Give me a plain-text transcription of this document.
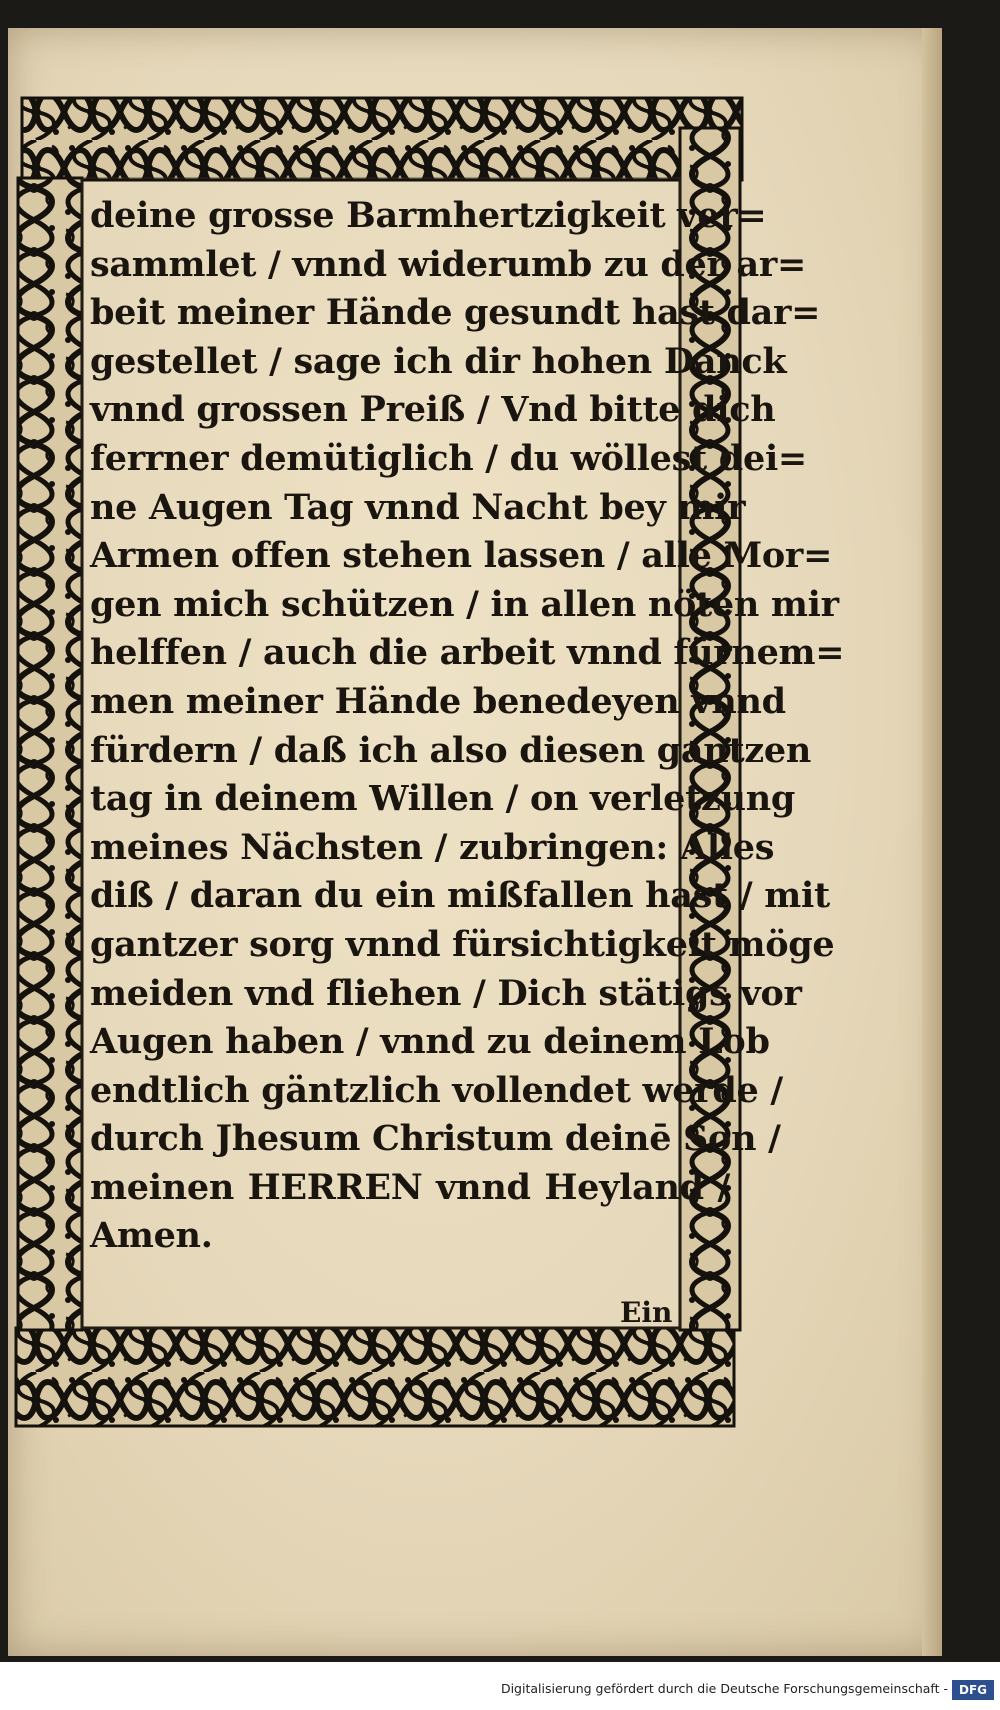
deine grosse Barmhertzigkeit ver=
sammlet / vnnd widerumb zu der ar=
beit meiner Hände gesundt hast dar=
gestellet / sage ich dir hohen Danck
vnnd grossen Preiß / Vnd bitte dich
ferrner demütiglich / du wöllest dei=
ne Augen Tag vnnd Nacht bey mir
Armen offen stehen lassen / alle Mor=
gen mich schützen / in allen nöten mir
helffen / auch die arbeit vnnd fürnem=
men meiner Hände benedeyen vnnd
fürdern / daß ich also diesen gantzen
tag in deinem Willen / on verletzung
meines Nächsten / zubringen: Alles
diß / daran du ein mißfallen hast / mit
gantzer sorg vnnd fürsichtigkeit möge
meiden vnd fliehen / Dich stätigs vor
Augen haben / vnnd zu deinem Lob
endtlich gäntzlich vollendet werde /
durch Jhesum Christum deinē Son /
meinen HERREN vnnd Heyland /
Amen.
Ein
Digitalisierung gefördert durch die Deutsche Forschungsgemeinschaft - DFG
